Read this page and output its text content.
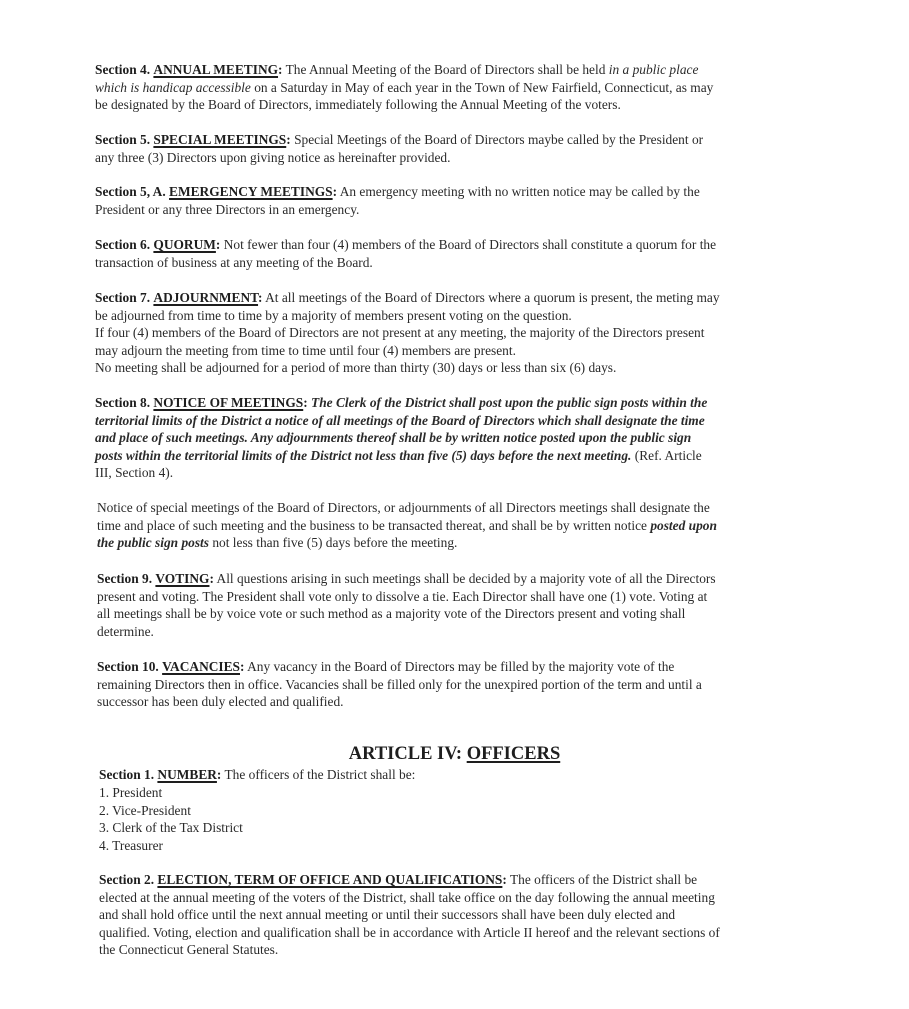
Section 4. ANNUAL MEETING: The Annual Meeting of the Board of Directors shall be held in a public place
which is handicap accessible on a Saturday in May of each year in the Town of New Fairfield, Connecticut, as may
be designated by the Board of Directors, immediately following the Annual Meeting of the voters.
Section 5. SPECIAL MEETINGS: Special Meetings of the Board of Directors maybe called by the President or
any three (3) Directors upon giving notice as hereinafter provided.
Section 5, A. EMERGENCY MEETINGS: An emergency meeting with no written notice may be called by the
President or any three Directors in an emergency.
Section 6. QUORUM: Not fewer than four (4) members of the Board of Directors shall constitute a quorum for the
transaction of business at any meeting of the Board.
Section 7. ADJOURNMENT: At all meetings of the Board of Directors where a quorum is present, the meting may
be adjourned from time to time by a majority of members present voting on the question.
If four (4) members of the Board of Directors are not present at any meeting, the majority of the Directors present
may adjourn the meeting from time to time until four (4) members are present.
No meeting shall be adjourned for a period of more than thirty (30) days or less than six (6) days.
Section 8. NOTICE OF MEETINGS: The Clerk of the District shall post upon the public sign posts within the
territorial limits of the District a notice of all meetings of the Board of Directors which shall designate the time
and place of such meetings. Any adjournments thereof shall be by written notice posted upon the public sign
posts within the territorial limits of the District not less than five (5) days before the next meeting. (Ref. Article
III, Section 4).
Notice of special meetings of the Board of Directors, or adjournments of all Directors meetings shall designate the
time and place of such meeting and the business to be transacted thereat, and shall be by written notice posted upon
the public sign posts not less than five (5) days before the meeting.
Section 9. VOTING: All questions arising in such meetings shall be decided by a majority vote of all the Directors
present and voting. The President shall vote only to dissolve a tie. Each Director shall have one (1) vote. Voting at
all meetings shall be by voice vote or such method as a majority vote of the Directors present and voting shall
determine.
Section 10. VACANCIES: Any vacancy in the Board of Directors may be filled by the majority vote of the
remaining Directors then in office. Vacancies shall be filled only for the unexpired portion of the term and until a
successor has been duly elected and qualified.
ARTICLE IV: OFFICERS
Section 1. NUMBER: The officers of the District shall be:
1. President
2. Vice-President
3. Clerk of the Tax District
4. Treasurer
Section 2. ELECTION, TERM OF OFFICE AND QUALIFICATIONS: The officers of the District shall be
elected at the annual meeting of the voters of the District, shall take office on the day following the annual meeting
and shall hold office until the next annual meeting or until their successors shall have been duly elected and
qualified. Voting, election and qualification shall be in accordance with Article II hereof and the relevant sections of
the Connecticut General Statutes.
